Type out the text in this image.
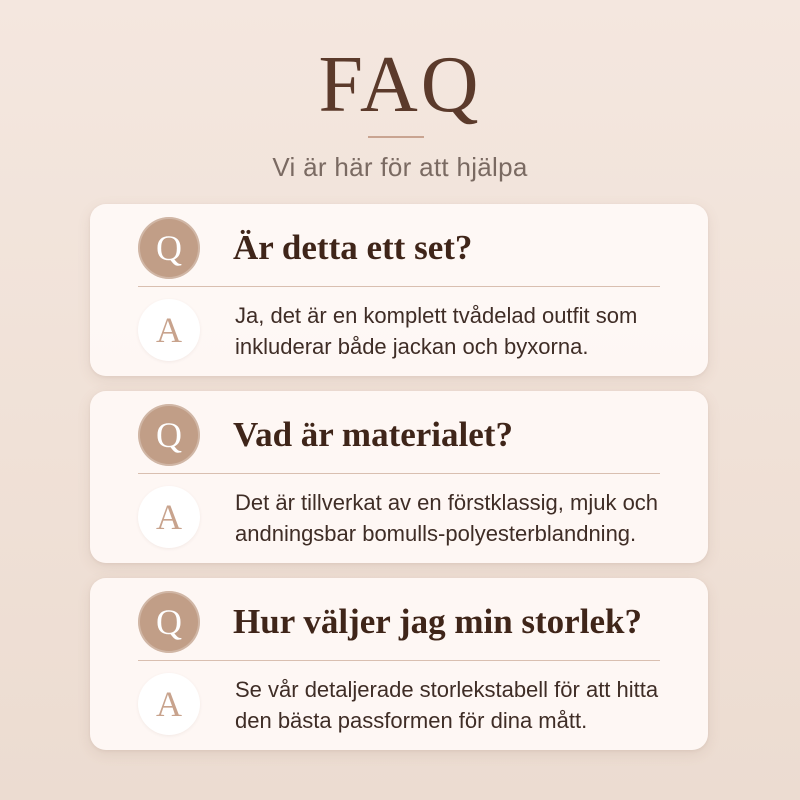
FAQ
Vi är här för att hjälpa
Q	Är detta ett set?
A	Ja, det är en komplett tvådelad outfit som inkluderar både jackan och byxorna.
Q	Vad är materialet?
A	Det är tillverkat av en förstklassig, mjuk och andningsbar bomulls-polyesterblandning.
Q	Hur väljer jag min storlek?
A	Se vår detaljerade storlekstabell för att hitta den bästa passformen för dina mått.
